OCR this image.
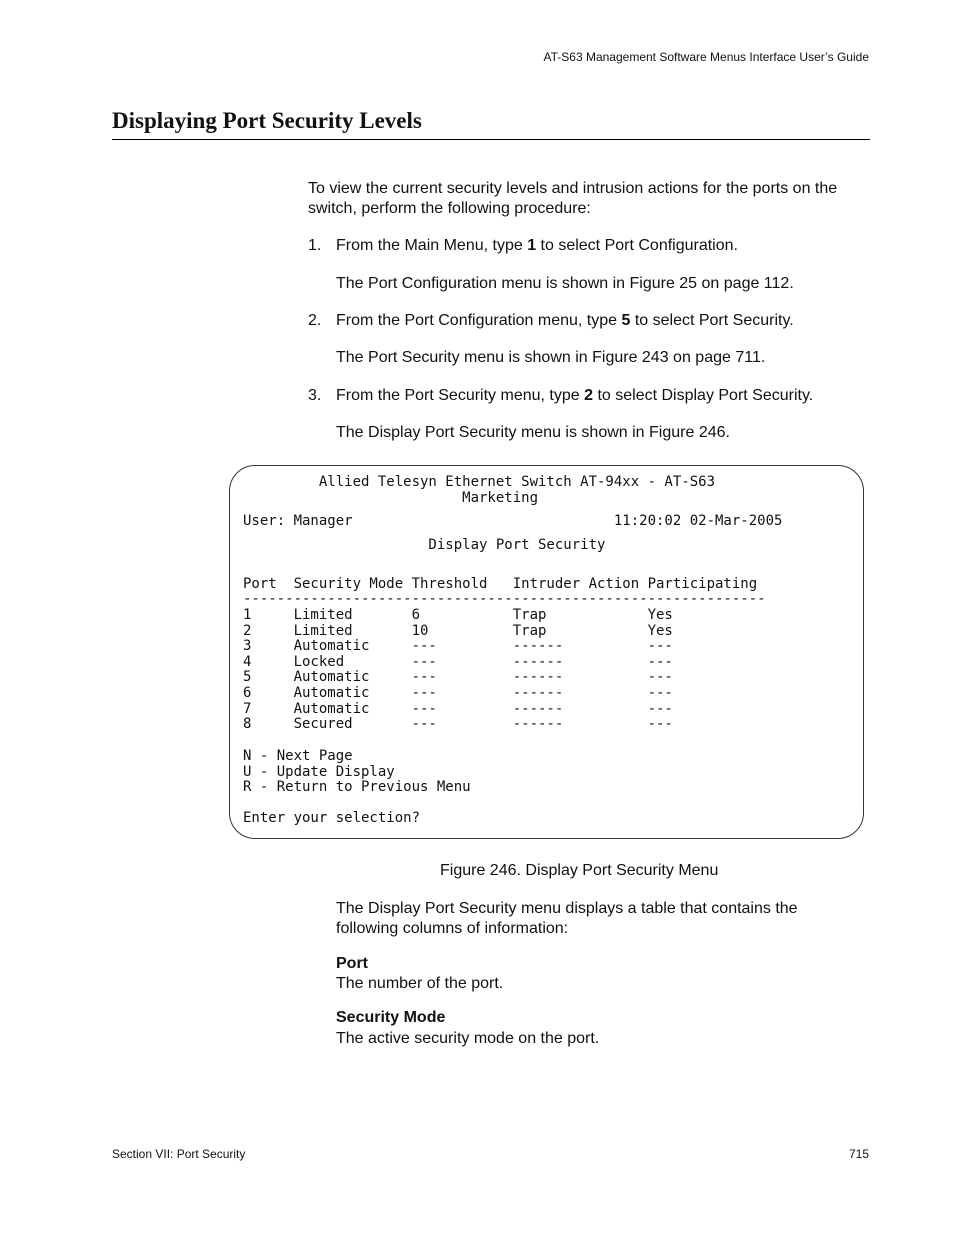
AT-S63 Management Software Menus Interface User’s Guide
Displaying Port Security Levels
To view the current security levels and intrusion actions for the ports on the switch, perform the following procedure:
1. From the Main Menu, type 1 to select Port Configuration.
The Port Configuration menu is shown in Figure 25 on page 112.
2. From the Port Configuration menu, type 5 to select Port Security.
The Port Security menu is shown in Figure 243 on page 711.
3. From the Port Security menu, type 2 to select Display Port Security.
The Display Port Security menu is shown in Figure 246.
Allied Telesyn Ethernet Switch AT-94xx - AT-S63
Marketing
User: Manager                               11:20:02 02-Mar-2005
Display Port Security
Port  Security Mode Threshold   Intruder Action Participating
--------------------------------------------------------------
1     Limited       6           Trap            Yes
2     Limited       10          Trap            Yes
3     Automatic     ---         ------          ---
4     Locked        ---         ------          ---
5     Automatic     ---         ------          ---
6     Automatic     ---         ------          ---
7     Automatic     ---         ------          ---
8     Secured       ---         ------          ---
N - Next Page
U - Update Display
R - Return to Previous Menu
Enter your selection?
Figure 246. Display Port Security Menu
The Display Port Security menu displays a table that contains the following columns of information:
Port
The number of the port.
Security Mode
The active security mode on the port.
Section VII: Port Security	715
